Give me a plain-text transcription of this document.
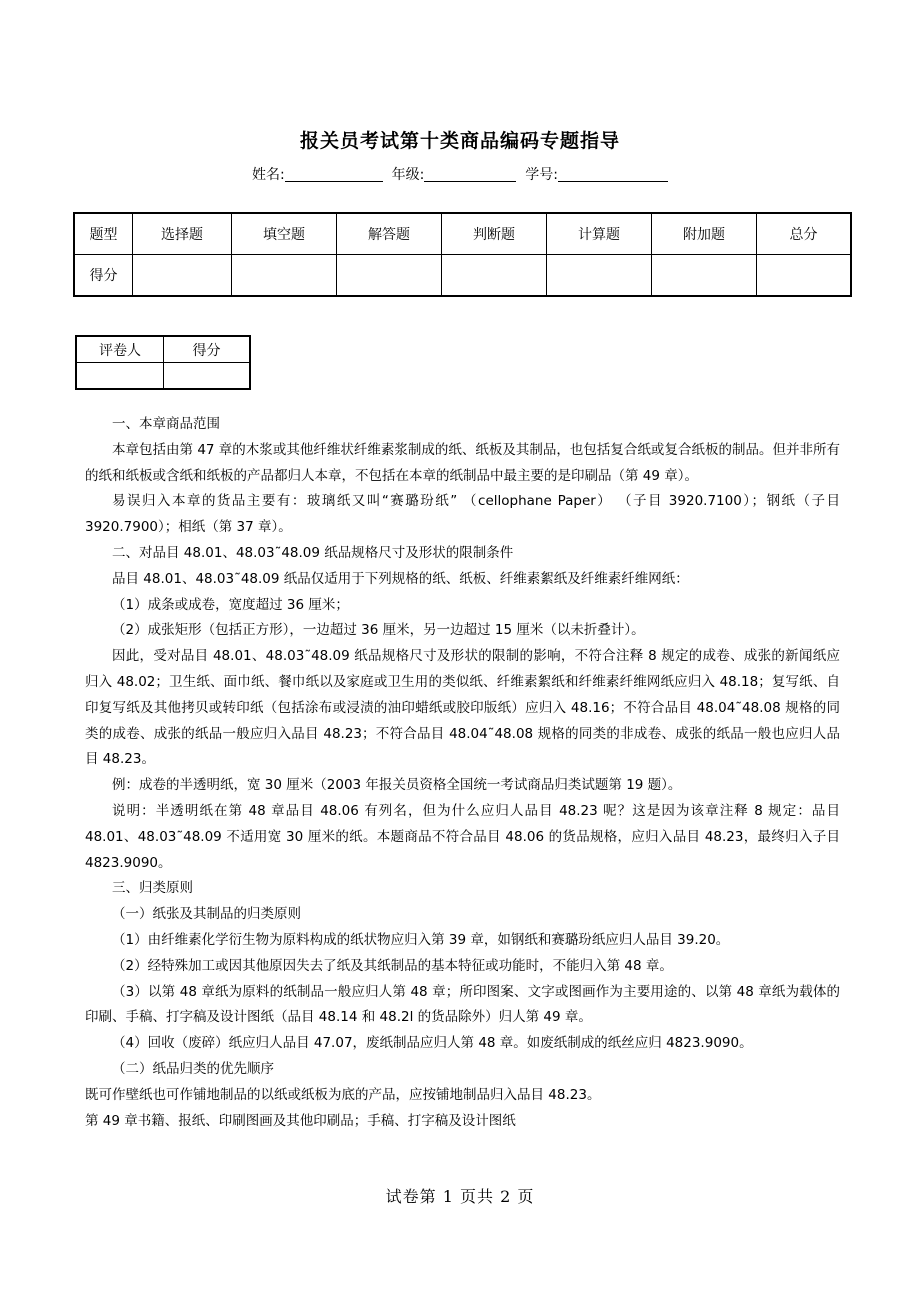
报关员考试第十类商品编码专题指导
姓名:	年级:	学号:
题型	选择题	填空题	解答题	判断题	计算题	附加题	总分
得分							
评卷人	得分

一、本章商品范围

本章包括由第 47 章的木浆或其他纤维状纤维素浆制成的纸、纸板及其制品，也包括复合纸或复合纸板的制品。但并非所有的纸和纸板或含纸和纸板的产品都归人本章，不包括在本章的纸制品中最主要的是印刷品（第 49 章）。

易误归入本章的货品主要有：玻璃纸又叫“赛璐玢纸” （cellophane Paper） （子目 3920.7100）；钢纸（子目 3920.7900）；相纸（第 37 章）。

二、对品目 48.01、48.03˜48.09 纸品规格尺寸及形状的限制条件

品目 48.01、48.03˜48.09 纸品仅适用于下列规格的纸、纸板、纤维素絮纸及纤维素纤维网纸：

（1）成条或成卷，宽度超过 36 厘米；

（2）成张矩形（包括正方形），一边超过 36 厘米，另一边超过 15 厘米（以未折叠计）。

因此，受对品目 48.01、48.03˜48.09 纸品规格尺寸及形状的限制的影响，不符合注释 8 规定的成卷、成张的新闻纸应归入 48.02；卫生纸、面巾纸、餐巾纸以及家庭或卫生用的类似纸、纤维素絮纸和纤维素纤维网纸应归入 48.18；复写纸、自印复写纸及其他拷贝或转印纸（包括涂布或浸渍的油印蜡纸或胶印版纸）应归入 48.16；不符合品目 48.04˜48.08 规格的同类的成卷、成张的纸品一般应归入品目 48.23；不符合品目 48.04˜48.08 规格的同类的非成卷、成张的纸品一般也应归人品目 48.23。

例：成卷的半透明纸，宽 30 厘米（2003 年报关员资格全国统一考试商品归类试题第 19 题）。

说明：半透明纸在第 48 章品目 48.06 有列名，但为什么应归人品目 48.23 呢？这是因为该章注释 8 规定：品目 48.01、48.03˜48.09 不适用宽 30 厘米的纸。本题商品不符合品目 48.06 的货品规格，应归入品目 48.23，最终归入子目 4823.9090。

三、归类原则

（一）纸张及其制品的归类原则

（1）由纤维素化学衍生物为原料构成的纸状物应归入第 39 章，如钢纸和赛璐玢纸应归人品目 39.20。

（2）经特殊加工或因其他原因失去了纸及其纸制品的基本特征或功能时，不能归入第 48 章。

（3）以第 48 章纸为原料的纸制品一般应归人第 48 章；所印图案、文字或图画作为主要用途的、以第 48 章纸为载体的印刷、手稿、打字稿及设计图纸（品目 48.14 和 48.2l 的货品除外）归人第 49 章。

（4）回收（废碎）纸应归人品目 47.07，废纸制品应归人第 48 章。如废纸制成的纸丝应归 4823.9090。

（二）纸品归类的优先顺序

既可作壁纸也可作铺地制品的以纸或纸板为底的产品，应按铺地制品归入品目 48.23。

第 49 章书籍、报纸、印刷图画及其他印刷品；手稿、打字稿及设计图纸

试卷第 1 页共 2 页
